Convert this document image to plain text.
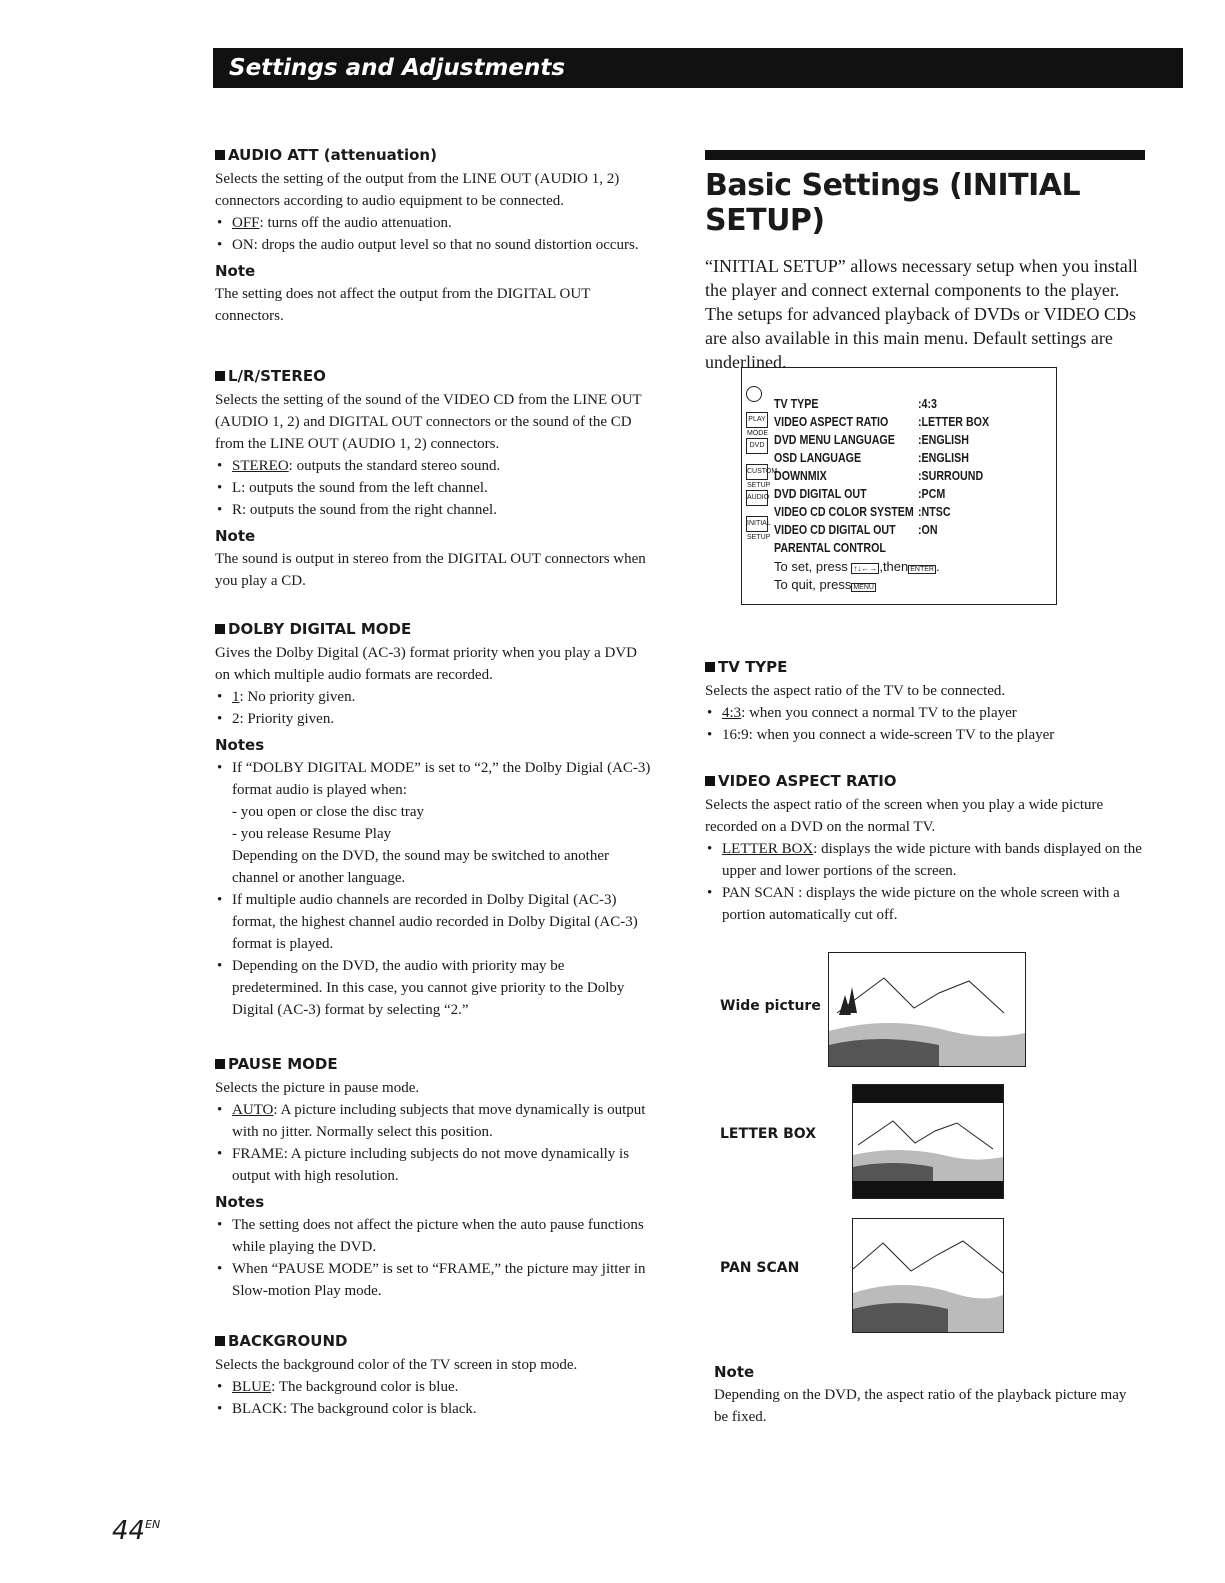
Settings and Adjustments
AUDIO ATT (attenuation)

Selects the setting of the output from the LINE OUT (AUDIO 1, 2) connectors according to audio equipment to be connected.

• OFF: turns off the audio attenuation.
• ON: drops the audio output level so that no sound distortion occurs.
Note

The setting does not affect the output from the DIGITAL OUT connectors.

L/R/STEREO

Selects the setting of the sound of the VIDEO CD from the LINE OUT (AUDIO 1, 2) and DIGITAL OUT connectors or the sound of the CD from the LINE OUT (AUDIO 1, 2) connectors.

• STEREO: outputs the standard stereo sound.
• L: outputs the sound from the left channel.
• R: outputs the sound from the right channel.
Note

The sound is output in stereo from the DIGITAL OUT connectors when you play a CD.

DOLBY DIGITAL MODE

Gives the Dolby Digital (AC-3) format priority when you play a DVD on which multiple audio formats are recorded.

• 1: No priority given.
• 2: Priority given.
Notes
• If “DOLBY DIGITAL MODE” is set to “2,” the Dolby Digial (AC-3) format audio is played when:
- you open or close the disc tray
- you release Resume Play
Depending on the DVD, the sound may be switched to another channel or another language.
• If multiple audio channels are recorded in Dolby Digital (AC-3) format, the highest channel audio recorded in Dolby Digital (AC-3) format is played.
• Depending on the DVD, the audio with priority may be predetermined. In this case, you cannot give priority to the Dolby Digital (AC-3) format by selecting “2.”
PAUSE MODE

Selects the picture in pause mode.

• AUTO: A picture including subjects that move dynamically is output with no jitter. Normally select this position.
• FRAME: A picture including subjects do not move dynamically is output with high resolution.
Notes
• The setting does not affect the picture when the auto pause functions while playing the DVD.
• When “PAUSE MODE” is set to “FRAME,” the picture may jitter in Slow-motion Play mode.
BACKGROUND

Selects the background color of the TV screen in stop mode.

• BLUE: The background color is blue.
• BLACK: The background color is black.
Basic Settings (INITIAL SETUP)

“INITIAL SETUP” allows necessary setup when you install the player and connect external components to the player. The setups for advanced playback of DVDs or VIDEO CDs are also available in this main menu. Default settings are underlined.

PLAY MODE
DVD
CUSTOM SETUP
AUDIO
INITIAL SETUP
TV TYPE	:4:3
VIDEO ASPECT RATIO :LETTER BOX
DVD MENU LANGUAGE :ENGLISH
OSD LANGUAGE	:ENGLISH
DOWNMIX	:SURROUND
DVD DIGITAL OUT	:PCM
VIDEO CD COLOR SYSTEM :NTSC
VIDEO CD DIGITAL OUT :ON
PARENTAL CONTROL
To set, press ↑↓←→ ,then ENTER .
To quit, press MENU
TV TYPE

Selects the aspect ratio of the TV to be connected.

• 4:3: when you connect a normal TV to the player
• 16:9: when you connect a wide-screen TV to the player
VIDEO ASPECT RATIO

Selects the aspect ratio of the screen when you play a wide picture recorded on a DVD on the normal TV.

• LETTER BOX: displays the wide picture with bands displayed on the upper and lower portions of the screen.
• PAN SCAN : displays the wide picture on the whole screen with a portion automatically cut off.
Wide picture
LETTER BOX
PAN SCAN
Note

Depending on the DVD, the aspect ratio of the playback picture may be fixed.

$44^{EN}$
